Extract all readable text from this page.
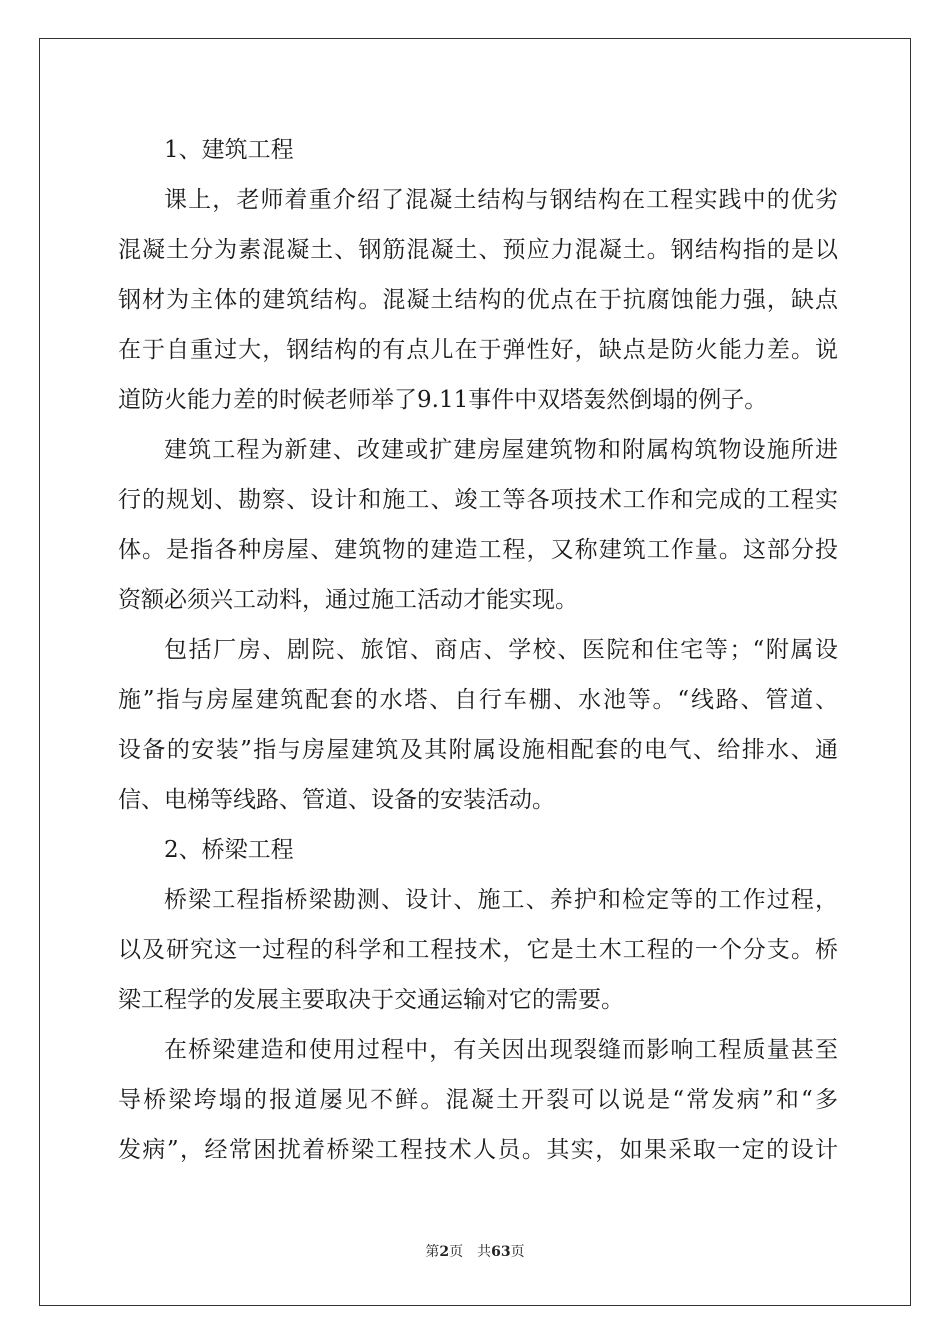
1、建筑工程
课上，老师着重介绍了混凝土结构与钢结构在工程实践中的优劣
混凝土分为素混凝土、钢筋混凝土、预应力混凝土。钢结构指的是以
钢材为主体的建筑结构。混凝土结构的优点在于抗腐蚀能力强，缺点
在于自重过大，钢结构的有点儿在于弹性好，缺点是防火能力差。说
道防火能力差的时候老师举了9.11事件中双塔轰然倒塌的例子。
建筑工程为新建、改建或扩建房屋建筑物和附属构筑物设施所进
行的规划、勘察、设计和施工、竣工等各项技术工作和完成的工程实
体。是指各种房屋、建筑物的建造工程，又称建筑工作量。这部分投
资额必须兴工动料，通过施工活动才能实现。
包括厂房、剧院、旅馆、商店、学校、医院和住宅等；“附属设
施”指与房屋建筑配套的水塔、自行车棚、水池等。“线路、管道、
设备的安装”指与房屋建筑及其附属设施相配套的电气、给排水、通
信、电梯等线路、管道、设备的安装活动。
2、桥梁工程
桥梁工程指桥梁勘测、设计、施工、养护和检定等的工作过程，
以及研究这一过程的科学和工程技术，它是土木工程的一个分支。桥
梁工程学的发展主要取决于交通运输对它的需要。
在桥梁建造和使用过程中，有关因出现裂缝而影响工程质量甚至
导桥梁垮塌的报道屡见不鲜。混凝土开裂可以说是“常发病”和“多
发病”，经常困扰着桥梁工程技术人员。其实，如果采取一定的设计
第2页　共63页
